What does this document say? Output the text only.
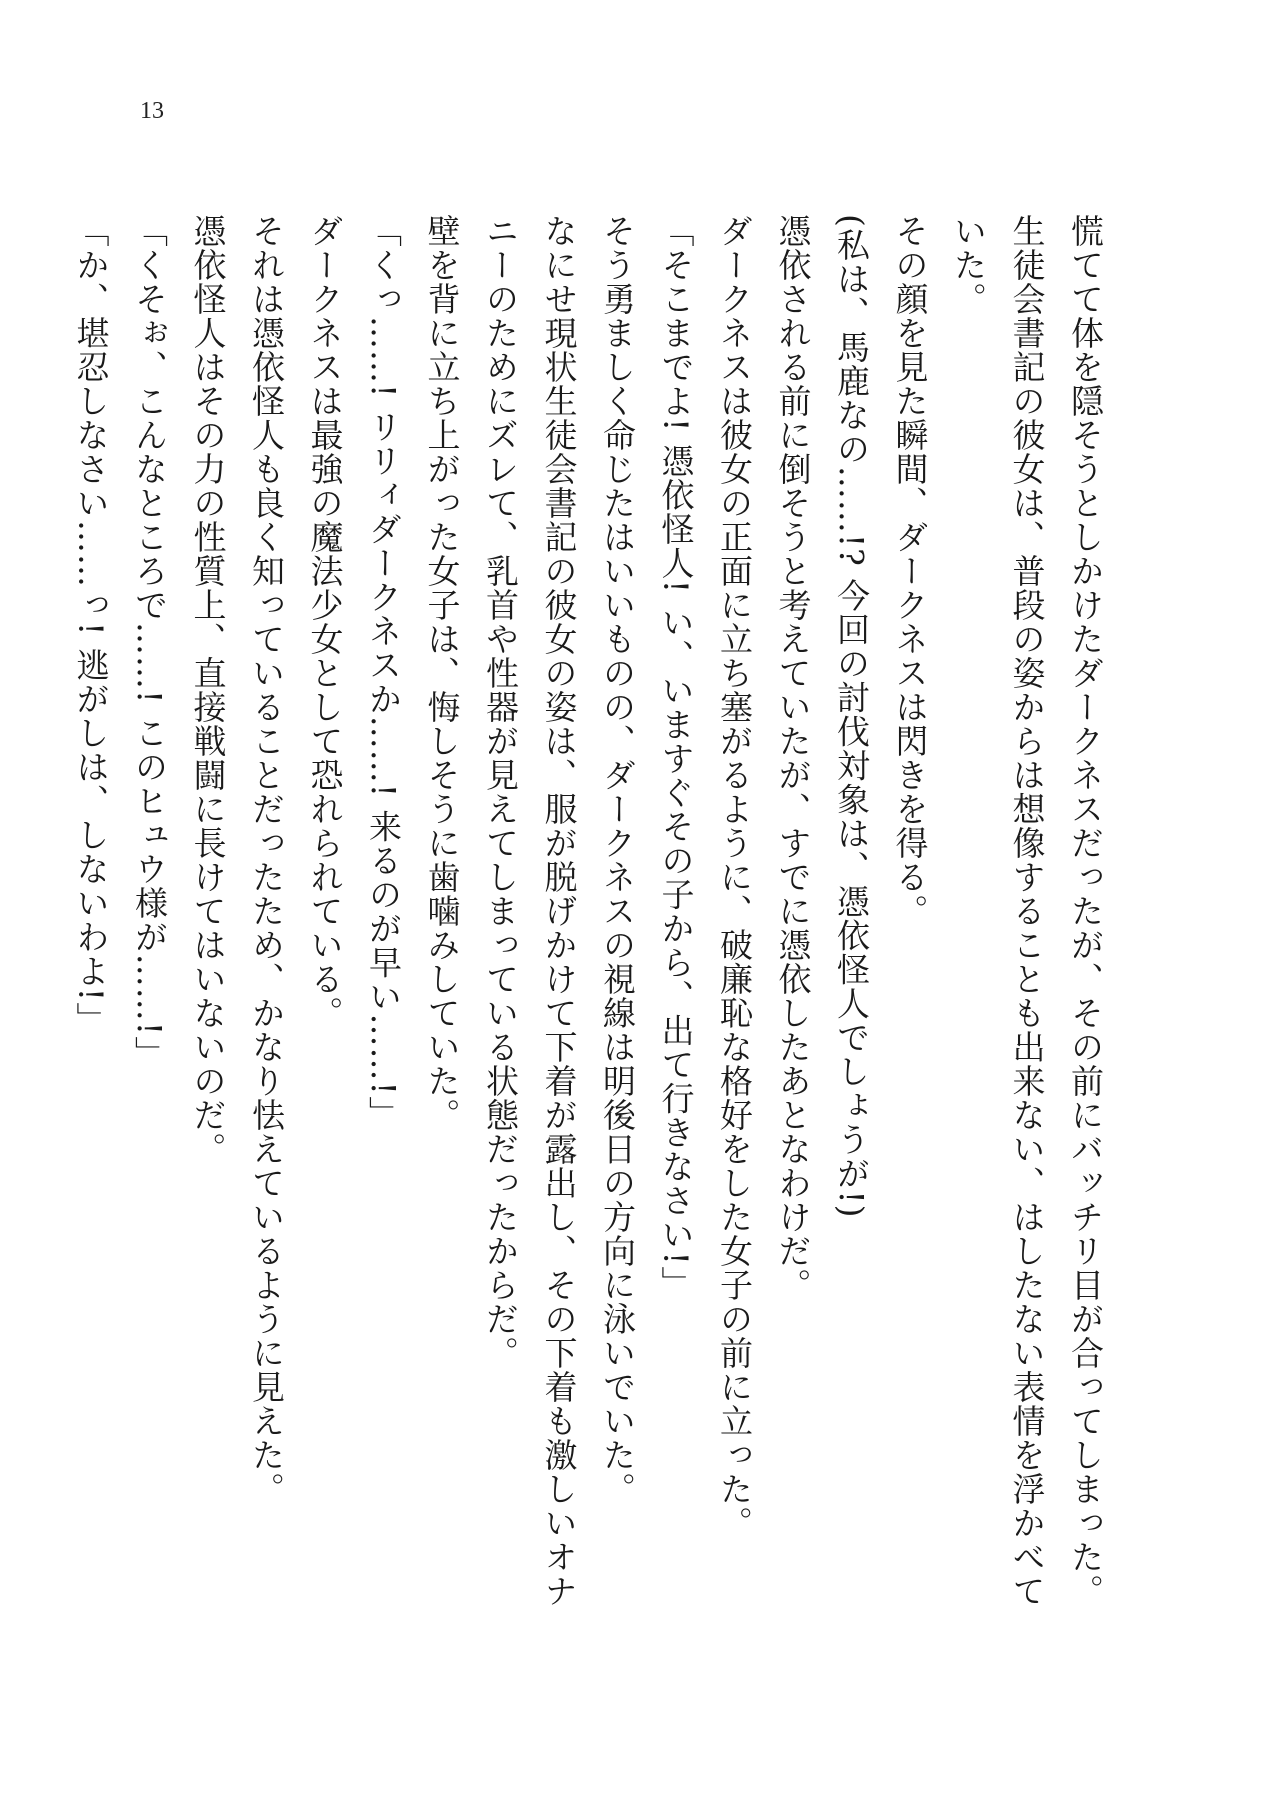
13

慌てて体を隠そうとしかけたダークネスだったが、その前にバッチリ目が合ってしまった。

生徒会書記の彼女は、普段の姿からは想像することも出来ない、はしたない表情を浮かべていた。

その顔を見た瞬間、ダークネスは閃きを得る。

(私は、馬鹿なの……!? 今回の討伐対象は、憑依怪人でしょうが!)

憑依される前に倒そうと考えていたが、すでに憑依したあとなわけだ。

ダークネスは彼女の正面に立ち塞がるように、破廉恥な格好をした女子の前に立った。

「そこまでよ! 憑依怪人! い、いますぐその子から、出て行きなさい!」

そう勇ましく命じたはいいものの、ダークネスの視線は明後日の方向に泳いでいた。

なにせ現状生徒会書記の彼女の姿は、服が脱げかけて下着が露出し、その下着も激しいオナニーのためにズレて、乳首や性器が見えてしまっている状態だったからだ。

壁を背に立ち上がった女子は、悔しそうに歯噛みしていた。

「くっ……! リリィダークネスか……! 来るのが早い……!」

ダークネスは最強の魔法少女として恐れられている。

それは憑依怪人も良く知っていることだったため、かなり怯えているように見えた。

憑依怪人はその力の性質上、直接戦闘に長けてはいないのだ。

「くそぉ、こんなところで……! このヒュウ様が……!」

「か、堪忍しなさい……っ! 逃がしは、しないわよ!」
